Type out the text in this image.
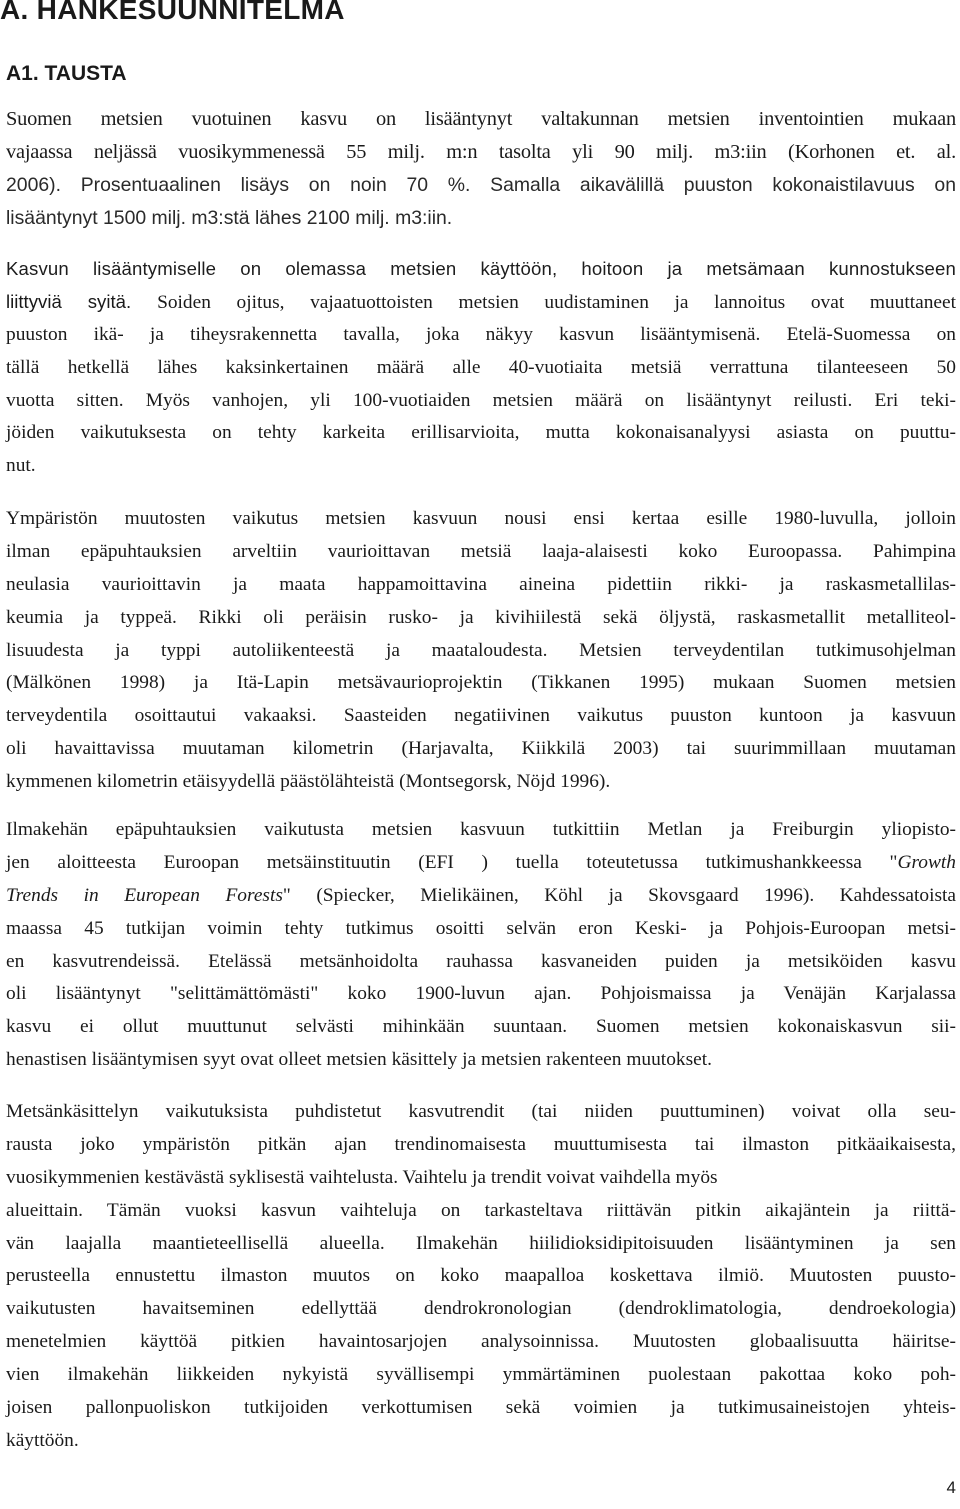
A. HANKESUUNNITELMA
A1. TAUSTA
Suomen metsien vuotuinen kasvu on lisääntynyt valtakunnan metsien inventointien mukaan
vajaassa neljässä vuosikymmenessä 55 milj. m:n tasolta yli 90 milj. m3:iin (Korhonen et. al.
2006). Prosentuaalinen lisäys on noin 70 %. Samalla aikavälillä puuston kokonaistilavuus on
lisääntynyt 1500 milj. m3:stä lähes 2100 milj. m3:iin.
Kasvun lisääntymiselle on olemassa metsien käyttöön, hoitoon ja metsämaan kunnostukseen
liittyviä syitä. Soiden ojitus, vajaatuottoisten metsien uudistaminen ja lannoitus ovat muuttaneet
puuston ikä- ja tiheysrakennetta tavalla, joka näkyy kasvun lisääntymisenä. Etelä-Suomessa on
tällä hetkellä lähes kaksinkertainen määrä alle 40-vuotiaita metsiä verrattuna tilanteeseen 50
vuotta sitten. Myös vanhojen, yli 100-vuotiaiden metsien määrä on lisääntynyt reilusti. Eri teki-
jöiden vaikutuksesta on tehty karkeita erillisarvioita, mutta kokonaisanalyysi asiasta on puuttu-
nut.
Ympäristön muutosten vaikutus metsien kasvuun nousi ensi kertaa esille 1980-luvulla, jolloin
ilman epäpuhtauksien arveltiin vaurioittavan metsiä laaja-alaisesti koko Euroopassa. Pahimpina
neulasia vaurioittavin ja maata happamoittavina aineina pidettiin rikki- ja raskasmetallilas-
keumia ja typpeä. Rikki oli peräisin rusko- ja kivihiilestä sekä öljystä, raskasmetallit metalliteol-
lisuudesta ja typpi autoliikenteestä ja maataloudesta. Metsien terveydentilan tutkimusohjelman
(Mälkönen 1998) ja Itä-Lapin metsävaurioprojektin (Tikkanen 1995) mukaan Suomen metsien
terveydentila osoittautui vakaaksi. Saasteiden negatiivinen vaikutus puuston kuntoon ja kasvuun
oli havaittavissa muutaman kilometrin (Harjavalta, Kiikkilä 2003) tai suurimmillaan muutaman
kymmenen kilometrin etäisyydellä päästölähteistä (Montsegorsk, Nöjd 1996).
Ilmakehän epäpuhtauksien vaikutusta metsien kasvuun tutkittiin Metlan ja Freiburgin yliopisto-
jen aloitteesta Euroopan metsäinstituutin (EFI ) tuella toteutetussa tutkimushankkeessa "Growth
Trends in European Forests" (Spiecker, Mielikäinen, Köhl ja Skovsgaard 1996). Kahdessatoista
maassa 45 tutkijan voimin tehty tutkimus osoitti selvän eron Keski- ja Pohjois-Euroopan metsi-
en kasvutrendeissä. Etelässä metsänhoidolta rauhassa kasvaneiden puiden ja metsiköiden kasvu
oli lisääntynyt "selittämättömästi" koko 1900-luvun ajan. Pohjoismaissa ja Venäjän Karjalassa
kasvu ei ollut muuttunut selvästi mihinkään suuntaan. Suomen metsien kokonaiskasvun sii-
henastisen lisääntymisen syyt ovat olleet metsien käsittely ja metsien rakenteen muutokset.
Metsänkäsittelyn vaikutuksista puhdistetut kasvutrendit (tai niiden puuttuminen) voivat olla seu-
rausta joko ympäristön pitkän ajan trendinomaisesta muuttumisesta tai ilmaston pitkäaikaisesta,
vuosikymmenien kestävästä syklisestä vaihtelusta. Vaihtelu ja trendit voivat vaihdella myös
alueittain. Tämän vuoksi kasvun vaihteluja on tarkasteltava riittävän pitkin aikajäntein ja riittä-
vän laajalla maantieteellisellä alueella. Ilmakehän hiilidioksidipitoisuuden lisääntyminen ja sen
perusteella ennustettu ilmaston muutos on koko maapalloa koskettava ilmiö. Muutosten puusto-
vaikutusten havaitseminen edellyttää dendrokronologian (dendroklimatologia, dendroekologia)
menetelmien käyttöä pitkien havaintosarjojen analysoinnissa. Muutosten globaalisuutta häiritse-
vien ilmakehän liikkeiden nykyistä syvällisempi ymmärtäminen puolestaan pakottaa koko poh-
joisen pallonpuoliskon tutkijoiden verkottumisen sekä voimien ja tutkimusaineistojen yhteis-
käyttöön.

4
